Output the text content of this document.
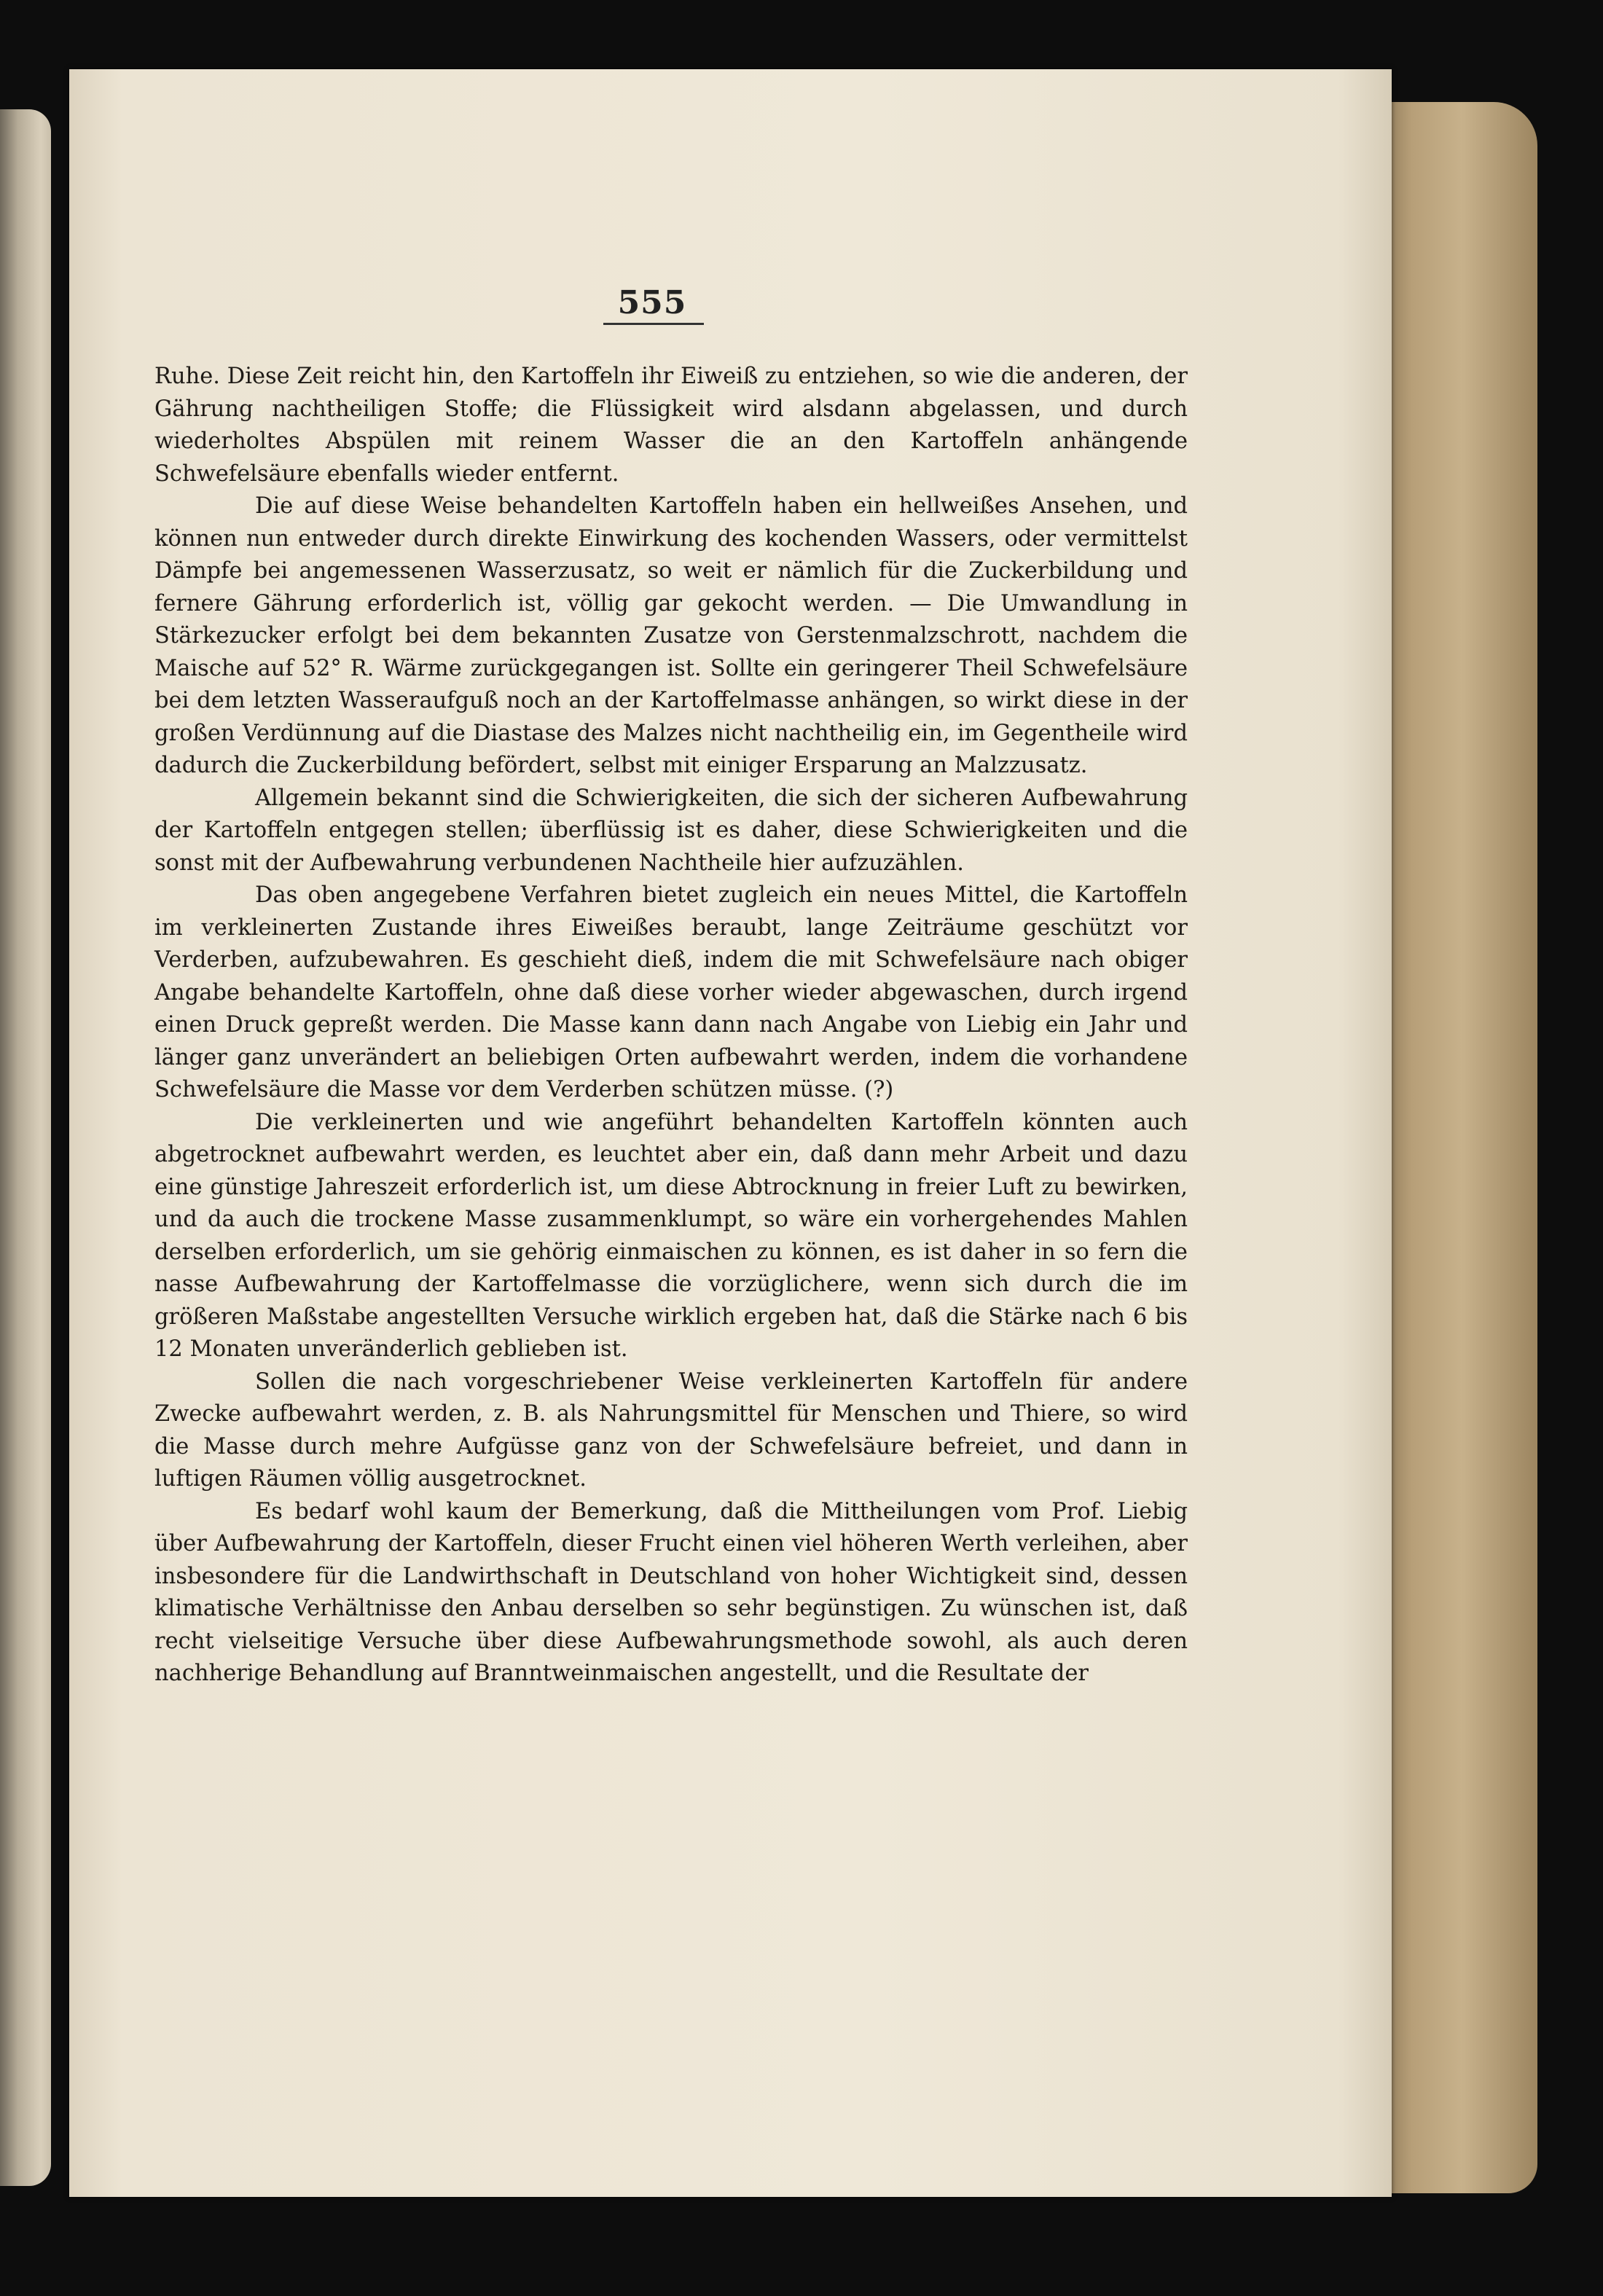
555

Ruhe. Diese Zeit reicht hin, den Kartoffeln ihr Eiweiß zu entziehen, so wie die anderen, der Gährung nachtheiligen Stoffe; die Flüssigkeit wird alsdann abgelassen, und durch wiederholtes Abspülen mit reinem Wasser die an den Kartoffeln anhängende Schwefelsäure ebenfalls wieder entfernt.

Die auf diese Weise behandelten Kartoffeln haben ein hellweißes Ansehen, und können nun entweder durch direkte Einwirkung des kochenden Wassers, oder vermittelst Dämpfe bei angemessenen Wasserzusatz, so weit er nämlich für die Zuckerbildung und fernere Gährung erforderlich ist, völlig gar gekocht werden. — Die Umwandlung in Stärkezucker erfolgt bei dem bekannten Zusatze von Gerstenmalzschrott, nachdem die Maische auf 52° R. Wärme zurückgegangen ist. Sollte ein geringerer Theil Schwefelsäure bei dem letzten Wasseraufguß noch an der Kartoffelmasse anhängen, so wirkt diese in der großen Verdünnung auf die Diastase des Malzes nicht nachtheilig ein, im Gegentheile wird dadurch die Zuckerbildung befördert, selbst mit einiger Ersparung an Malzzusatz.

Allgemein bekannt sind die Schwierigkeiten, die sich der sicheren Aufbewahrung der Kartoffeln entgegen stellen; überflüssig ist es daher, diese Schwierigkeiten und die sonst mit der Aufbewahrung verbundenen Nachtheile hier aufzuzählen.

Das oben angegebene Verfahren bietet zugleich ein neues Mittel, die Kartoffeln im verkleinerten Zustande ihres Eiweißes beraubt, lange Zeiträume geschützt vor Verderben, aufzubewahren. Es geschieht dieß, indem die mit Schwefelsäure nach obiger Angabe behandelte Kartoffeln, ohne daß diese vorher wieder abgewaschen, durch irgend einen Druck gepreßt werden. Die Masse kann dann nach Angabe von Liebig ein Jahr und länger ganz unverändert an beliebigen Orten aufbewahrt werden, indem die vorhandene Schwefelsäure die Masse vor dem Verderben schützen müsse. (?)

Die verkleinerten und wie angeführt behandelten Kartoffeln könnten auch abgetrocknet aufbewahrt werden, es leuchtet aber ein, daß dann mehr Arbeit und dazu eine günstige Jahreszeit erforderlich ist, um diese Abtrocknung in freier Luft zu bewirken, und da auch die trockene Masse zusammenklumpt, so wäre ein vorhergehendes Mahlen derselben erforderlich, um sie gehörig einmaischen zu können, es ist daher in so fern die nasse Aufbewahrung der Kartoffelmasse die vorzüglichere, wenn sich durch die im größeren Maßstabe angestellten Versuche wirklich ergeben hat, daß die Stärke nach 6 bis 12 Monaten unveränderlich geblieben ist.

Sollen die nach vorgeschriebener Weise verkleinerten Kartoffeln für andere Zwecke aufbewahrt werden, z. B. als Nahrungsmittel für Menschen und Thiere, so wird die Masse durch mehre Aufgüsse ganz von der Schwefelsäure befreiet, und dann in luftigen Räumen völlig ausgetrocknet.

Es bedarf wohl kaum der Bemerkung, daß die Mittheilungen vom Prof. Liebig über Aufbewahrung der Kartoffeln, dieser Frucht einen viel höheren Werth verleihen, aber insbesondere für die Landwirthschaft in Deutschland von hoher Wichtigkeit sind, dessen klimatische Verhältnisse den Anbau derselben so sehr begünstigen. Zu wünschen ist, daß recht vielseitige Versuche über diese Aufbewahrungsmethode sowohl, als auch deren nachherige Behandlung auf Branntweinmaischen angestellt, und die Resultate der
